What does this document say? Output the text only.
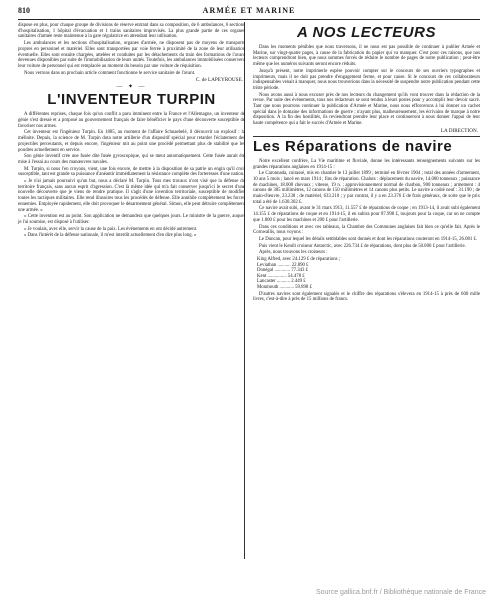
810	ARMÉE ET MARINE

dispose en plus, pour chaque groupe de divisions de réserve entrant dans sa composition, de 6 ambulances, 6 sections d'hospitalisation, 1 hôpital d'évacuation et 1 trains sanitaires improvisés. La plus grande partie de ces organes sanitaires d'armée reste maintenue à la gare régulatrice en attendant leur utilisation.

Les ambulances et les sections d'hospitalisation, organes d'armée, ne disposent pas de moyens de transports propres en personnel et matériel. Elles sont transportées par voie ferrée à proximité de la zone de leur utilisation éventuelle. Elles sont ensuite chargées, attelées et conduites par les détachements du train des formations de l'avant devenues disponibles par suite de l'immobilisation de leurs unités. Toutefois, les ambulances immobilisées conservent leur voiture de personnel qui est remplacée au moment du besoin par une voiture de réquisition.

Nous verrons dans un prochain article comment fonctionne le service sanitaire de l'avant.

C. de LAPEYROUSE.
— ✦ —
L'INVENTEUR TURPIN

A différentes reprises, chaque fois qu'un conflit a paru imminent entre la France et l'Allemagne, un inventeur de génie s'est dressé et a proposé au gouvernement français de faire bénéficier le pays d'une découverte susceptible de favoriser nos armes.

Cet inventeur est l'ingénieur Turpin. En 1885, au moment de l'affaire Schnaebelé, il découvrit un explosif : la mélinite. Depuis, la science de M. Turpin dota notre artillerie d'un dispositif spécial pour retarder l'éclatement des projectiles perceutants, et depuis encore, l'ingénieur mit au point une procédé permettant plus de stabilité que les poudres actuellement en service.

Son génie inventif crée une fusée dite fusée gyroscopique, qui se meut automatiquement. Cette fusée aurait été mise à l'essai au cours des manœuvres navales.

M. Turpin, si nous l'en croyons, vient, une fois encore, de mettre à la disposition de sa patrie un engin qu'il croit susceptible, tant est grande sa puissance d'anéantir immédiatement la résistance complète des forteresses d'une nation.

« Je n'ai jamais poursuivi qu'un but, nous a déclaré M. Turpin. Tous mes travaux n'ont visé que la défense du territoire français, sans aucun esprit d'agression. C'est là même idée qui m'a fait conserver jusqu'ici le secret d'une nouvelle découverte que je viens de rendre pratique. Il s'agit d'une invention territoriale, susceptible de modifier toutes les tactiques militaires. Elle rend illusoires tous les procédés de défense. Elle annihile complètement les forces ennemies. Employée rapidement, elle doit provoquer le désarmement général. Simon, elle peut détruire complètement une armée. »

« Cette invention est au point. Son application ne demandera que quelques jours. Le ministre de la guerre, auquel je l'ai soumise, est disposé à l'utiliser.

« Je voulais, avec elle, servir la cause de la paix. Les événements en ont décidé autrement.

« Dans l'intérêt de la défense nationale, il m'est interdit actuellement d'en dire plus long. »

A NOS LECTEURS

Dans les moments pénibles que nous traversons, il ne nous est pas possible de continuer à publier Armée et Marine, sur vingt-quatre pages, à cause de la fabrication du papier qui va manquer. C'est pour ces raisons, que nos lecteurs comprendront bien, que nous sommes forcés de réduire le nombre de pages de notre publication ; peut-être même que les numéros suivants seront encore réduits.

Jusqu'à présent, notre imprimerie espère pouvoir compter sur le concours de ses ouvriers typographes et imprimeurs, mais il ne doit pas prendre d'engagement ferme, et pour cause. Si le concours de ces collaborateurs indispensables venait à manquer, nous nous trouverions dans la nécessité de suspendre notre publication pendant cette triste période.

Nous avons aussi à nous excuser près de nos lecteurs du changement qu'ils vont trouver dans la rédaction de la revue. Par suite des événements, tous nos rédacteurs se sont rendus à leurs postes pour y accomplir leur devoir sacré. Tant que nous pourrons continuer la publication d'Armée et Marine, nous nous efforcerons à lui donner un cachet spécial dans le domaine des informations de guerre ; n'ayant plus, malheureusement, les écrivains de marque à notre disposition. À la fin des hostilités, ils reviendront prendre leur place et continueront à nous donner l'appui de leur haute compétence qui a fait le succès d'Armée et Marine.

LA DIRECTION.
Les Réparations de navire

Notre excellent confrère, La Vie maritime et fluviale, donne les intéressants renseignements suivants sur les grandes réparations anglaises en 1914-15 :

Le Caronnada, cuirassé, mis en chantier le 13 juillet 1899 ; terminé en février 1904 ; total des années d'armement, 10 ans 5 mois ; lancé en mars 1914 ; fins de réparation. Chaluts : déplacement du navire, 14.000 tonneaux ; puissance de machines, 18.000 chevaux ; vitesse, 19 n. ; approvisionnement normal de charbon, 900 tonneaux ; armement : 4 canons de 305 millimètres, 12 canons de 150 millimètres et 14 canons plus petits. Le navire a coûté neuf : 31.190 ; de main-d'œuvre, 23.238 ; de matériel, 633.210 ; y par contrat, il y a en 23.376 £ de frais généraux, de sorte que le prix total a été de 1.630.302 £.

Ce navire avait subi, avant le 31 mars 1913, 11.557 £ de réparations de coque ; en 1913-14, il avait subi également 14.155 £ de réparations de coque et en 1914-15, il en subira pour 87.998 £, toujours pour la coque, car on ne compte que 1.800 £ pour les machines et 200 £ pour l'artillerie.

Dans ces conditions et avec ces tableaux, la Chambre des Communes anglaises fait bien ce qu'elle fait. Après le Cornwallis, nous voyons :

Le Duncan, pour lequel les détails semblables sont donnés et dont les réparations couteront en 1914-15, 26.081 £.

Puis vient le Kenilt croiseur Antarctic, avec 226.734 £ de réparations, dont plus de 50.000 £ pour l'artillerie.

Après, nous trouvons les croiseurs :

King Alfred, avec 24.129 £ de réparations ;
Leviathan ........... 22.890 £
Donégal ............. 77.343 £
Kent ................ 54.478 £
Lancaster ........... 2.449 £
Monmouth ............ 59.898 £

D'autres navires sont également signalés et le chiffre des réparations s'élevera en 1914-15 à près de 600 mille livres, c'est-à-dire à près de 15 millions de francs.

Source gallica.bnf.fr / Bibliothèque nationale de France
